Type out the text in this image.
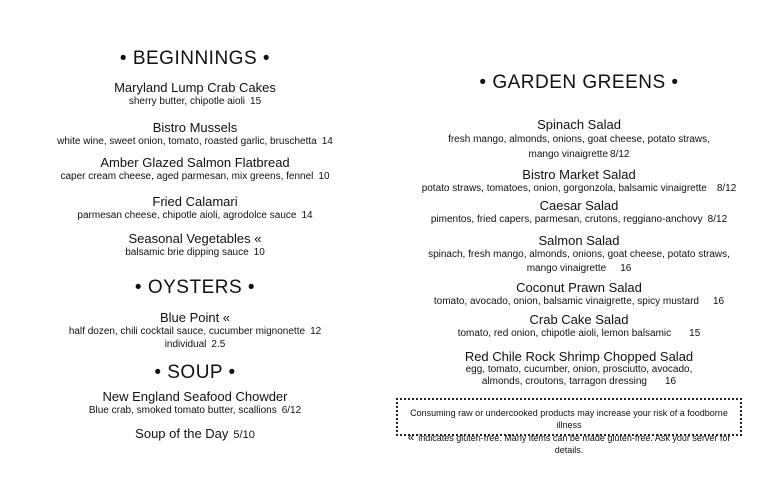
• BEGINNINGS •
Maryland Lump Crab Cakes
sherry butter, chipotle aioli 15
Bistro Mussels
white wine, sweet onion, tomato, roasted garlic, bruschetta 14
Amber Glazed Salmon Flatbread
caper cream cheese, aged parmesan, mix greens, fennel 10
Fried Calamari
parmesan cheese, chipotle aioli, agrodolce sauce 14
Seasonal Vegetables «
balsamic brie dipping sauce 10
• OYSTERS •
Blue Point «
half dozen, chili cocktail sauce, cucumber mignonette 12
individual 2.5
• SOUP •
New England Seafood Chowder
Blue crab, smoked tomato butter, scallions 6/12
Soup of the Day 5/10
• GARDEN GREENS •
Spinach Salad
fresh mango, almonds, onions, goat cheese, potato straws,
mango vinaigrette 8/12
Bistro Market Salad
potato straws, tomatoes, onion, gorgonzola, balsamic vinaigrette 8/12
Caesar Salad
pimentos, fried capers, parmesan, crutons, reggiano-anchovy 8/12
Salmon Salad
spinach, fresh mango, almonds, onions, goat cheese, potato straws,
mango vinaigrette 16
Coconut Prawn Salad
tomato, avocado, onion, balsamic vinaigrette, spicy mustard 16
Crab Cake Salad
tomato, red onion, chipotle aioli, lemon balsamic 15
Red Chile Rock Shrimp Chopped Salad
egg, tomato, cucumber, onion, prosciutto, avocado,
almonds, croutons, tarragon dressing 16
Consuming raw or undercooked products may increase your risk of a foodborne illness
« indicates gluten-free. Many items can be made gluten-free. Ask your server for details.
